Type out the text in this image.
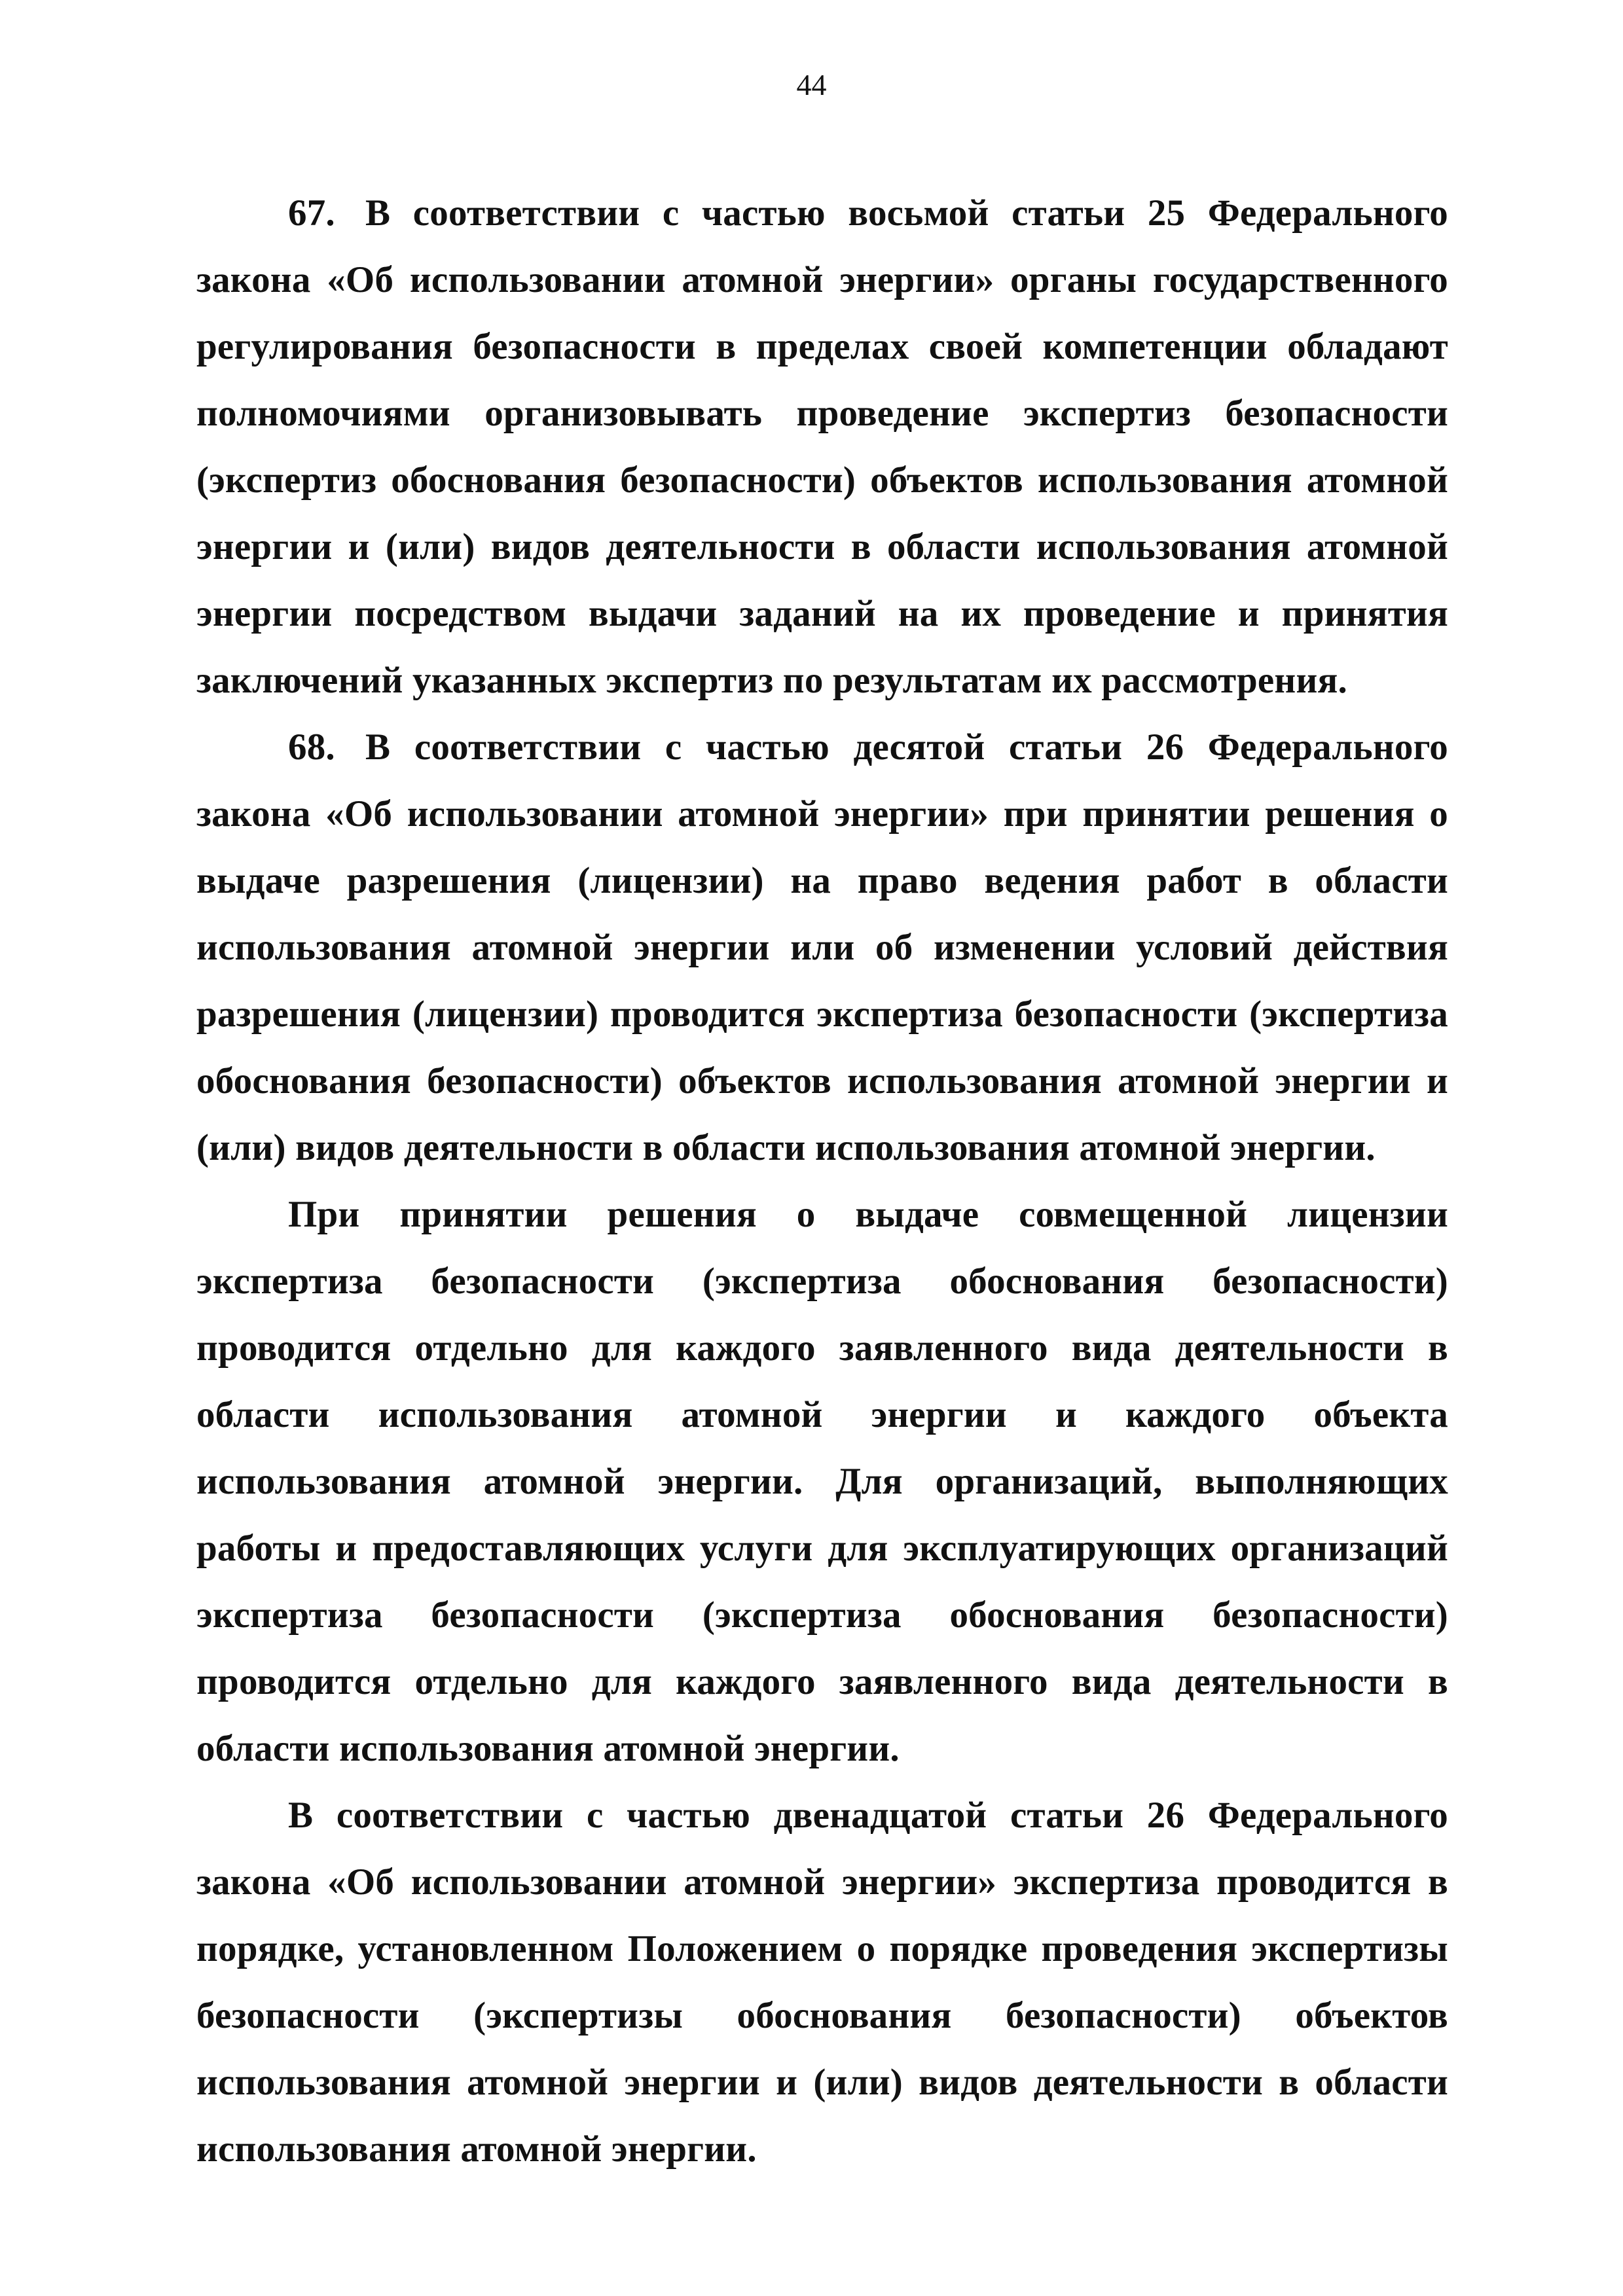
44

67. В соответствии с частью восьмой статьи 25 Федерального закона «Об использовании атомной энергии» органы государственного регулирования безопасности в пределах своей компетенции обладают полномочиями организовывать проведение экспертиз безопасности (экспертиз обоснования безопасности) объектов использования атомной энергии и (или) видов деятельности в области использования атомной энергии посредством выдачи заданий на их проведение и принятия заключений указанных экспертиз по результатам их рассмотрения.

68. В соответствии с частью десятой статьи 26 Федерального закона «Об использовании атомной энергии» при принятии решения о выдаче разрешения (лицензии) на право ведения работ в области использования атомной энергии или об изменении условий действия разрешения (лицензии) проводится экспертиза безопасности (экспертиза обоснования безопасности) объектов использования атомной энергии и (или) видов деятельности в области использования атомной энергии.

При принятии решения о выдаче совмещенной лицензии экспертиза безопасности (экспертиза обоснования безопасности) проводится отдельно для каждого заявленного вида деятельности в области использования атомной энергии и каждого объекта использования атомной энергии. Для организаций, выполняющих работы и предоставляющих услуги для эксплуатирующих организаций экспертиза безопасности (экспертиза обоснования безопасности) проводится отдельно для каждого заявленного вида деятельности в области использования атомной энергии.

В соответствии с частью двенадцатой статьи 26 Федерального закона «Об использовании атомной энергии» экспертиза проводится в порядке, установленном Положением о порядке проведения экспертизы безопасности (экспертизы обоснования безопасности) объектов использования атомной энергии и (или) видов деятельности в области использования атомной энергии.
